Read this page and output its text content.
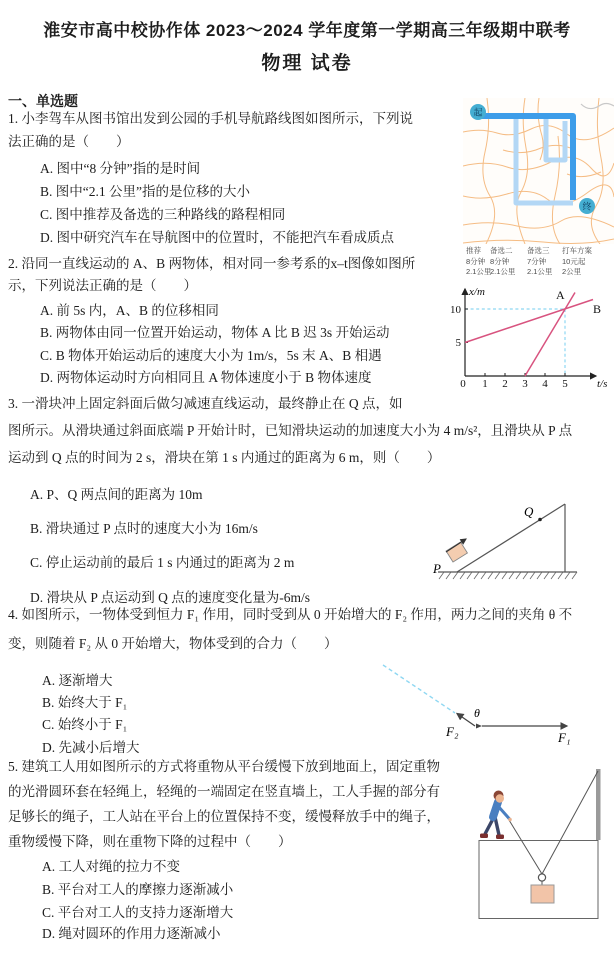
淮安市高中校协作体 2023～2024 学年度第一学期高三年级期中联考
物理 试卷
一、单选题
1. 小李驾车从图书馆出发到公园的手机导航路线图如图所示，下列说
法正确的是（　　）
A. 图中“8 分钟”指的是时间
B. 图中“2.1 公里”指的是位移的大小
C. 图中推荐及备选的三种路线的路程相同
D. 图中研究汽车在导航图中的位置时，不能把汽车看成质点
起
终
推荐
8分钟
2.1公里
备选二
8分钟
2.1公里
备选三
7分钟
2.1公里
打车方案
10元起
2公里
2. 沿同一直线运动的 A、B 两物体，相对同一参考系的x–t图像如图所
示，下列说法正确的是（　　）
A. 前 5s 内，A、B 的位移相同
B. 两物体由同一位置开始运动，物体 A 比 B 迟 3s 开始运动
C. B 物体开始运动后的速度大小为 1m/s，5s 末 A、B 相遇
D. 两物体运动时方向相同且 A 物体速度小于 B 物体速度	0 1 2 3 4 5
5
10
x/m
t/s
A
B
3. 一滑块冲上固定斜面后做匀减速直线运动，最终静止在 Q 点，如
图所示。从滑块通过斜面底端 P 开始计时，已知滑块运动的加速度大小为 4 m/s²，且滑块从 P 点
运动到 Q 点的时间为 2 s，滑块在第 1 s 内通过的距离为 6 m，则（　　）
A. P、Q 两点间的距离为 10m
B. 滑块通过 P 点时的速度大小为 16m/s
C. 停止运动前的最后 1 s 内通过的距离为 2 m
D. 滑块从 P 点运动到 Q 点的速度变化量为-6m/s
Q
P
4. 如图所示，一物体受到恒力 F₁ 作用，同时受到从 0 开始增大的 F₂ 作用，两力之间的夹角 θ 不
变，则随着 F₂ 从 0 开始增大，物体受到的合力（　　）
A. 逐渐增大
B. 始终大于 F₁
C. 始终小于 F₁
D. 先减小后增大
θ
F₂	F₁
5. 建筑工人用如图所示的方式将重物从平台缓慢下放到地面上，固定重物
的光滑圆环套在轻绳上，轻绳的一端固定在竖直墙上，工人手握的部分有
足够长的绳子，工人站在平台上的位置保持不变，缓慢释放手中的绳子，
重物缓慢下降，则在重物下降的过程中（　　）
A. 工人对绳的拉力不变
B. 平台对工人的摩擦力逐渐减小
C. 平台对工人的支持力逐渐增大
D. 绳对圆环的作用力逐渐减小
